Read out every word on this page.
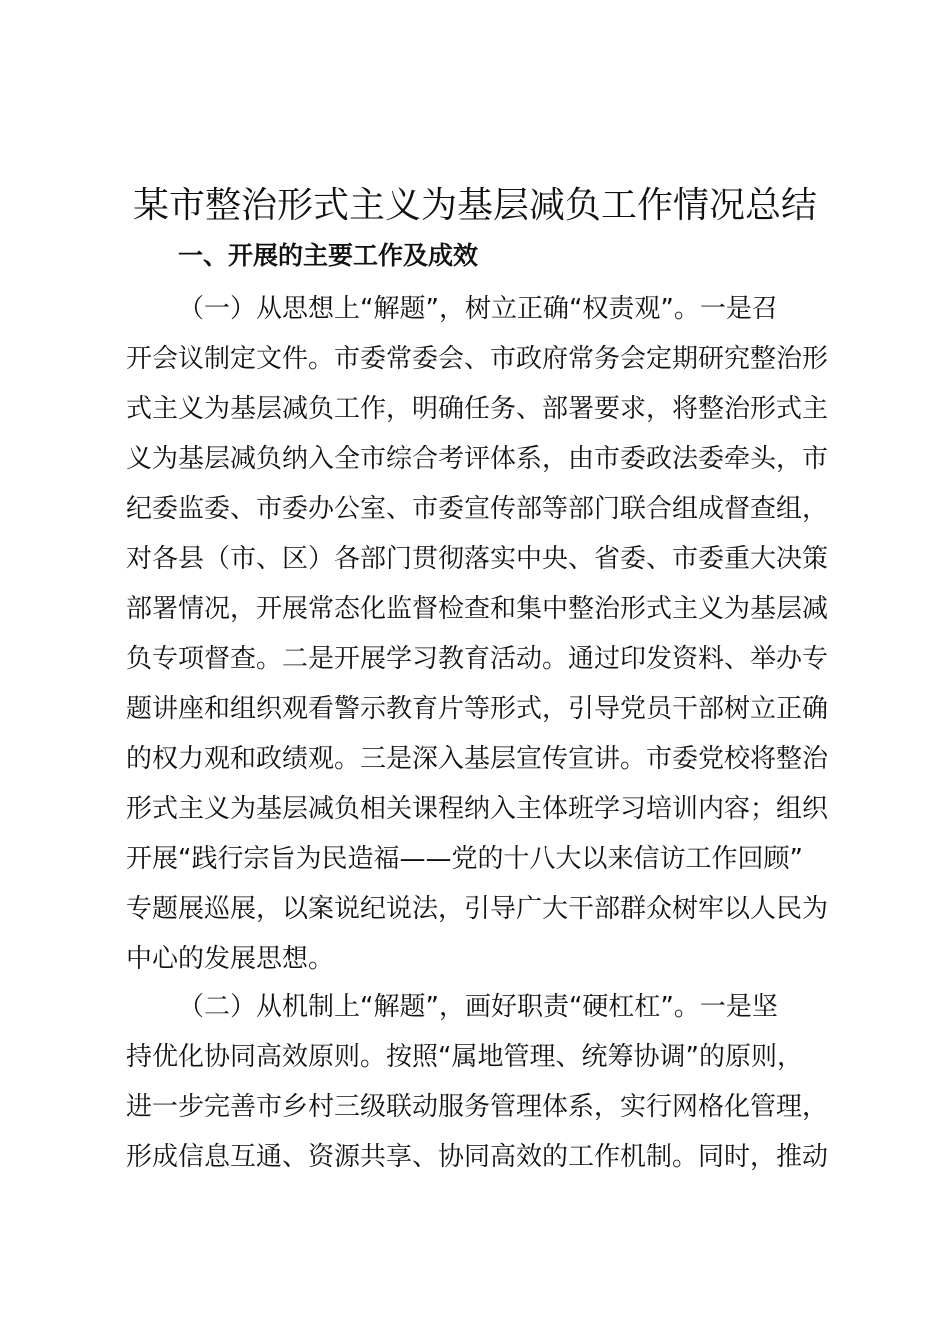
某市整治形式主义为基层减负工作情况总结
一、开展的主要工作及成效
（一）从思想上“解题”，树立正确“权责观”。一是召
开会议制定文件。市委常委会、市政府常务会定期研究整治形
式主义为基层减负工作，明确任务、部署要求，将整治形式主
义为基层减负纳入全市综合考评体系，由市委政法委牵头，市
纪委监委、市委办公室、市委宣传部等部门联合组成督查组，
对各县（市、区）各部门贯彻落实中央、省委、市委重大决策
部署情况，开展常态化监督检查和集中整治形式主义为基层减
负专项督查。二是开展学习教育活动。通过印发资料、举办专
题讲座和组织观看警示教育片等形式，引导党员干部树立正确
的权力观和政绩观。三是深入基层宣传宣讲。市委党校将整治
形式主义为基层减负相关课程纳入主体班学习培训内容；组织
开展“践行宗旨为民造福——党的十八大以来信访工作回顾”
专题展巡展，以案说纪说法，引导广大干部群众树牢以人民为
中心的发展思想。
（二）从机制上“解题”，画好职责“硬杠杠”。一是坚
持优化协同高效原则。按照“属地管理、统筹协调”的原则，
进一步完善市乡村三级联动服务管理体系，实行网格化管理，
形成信息互通、资源共享、协同高效的工作机制。同时，推动
